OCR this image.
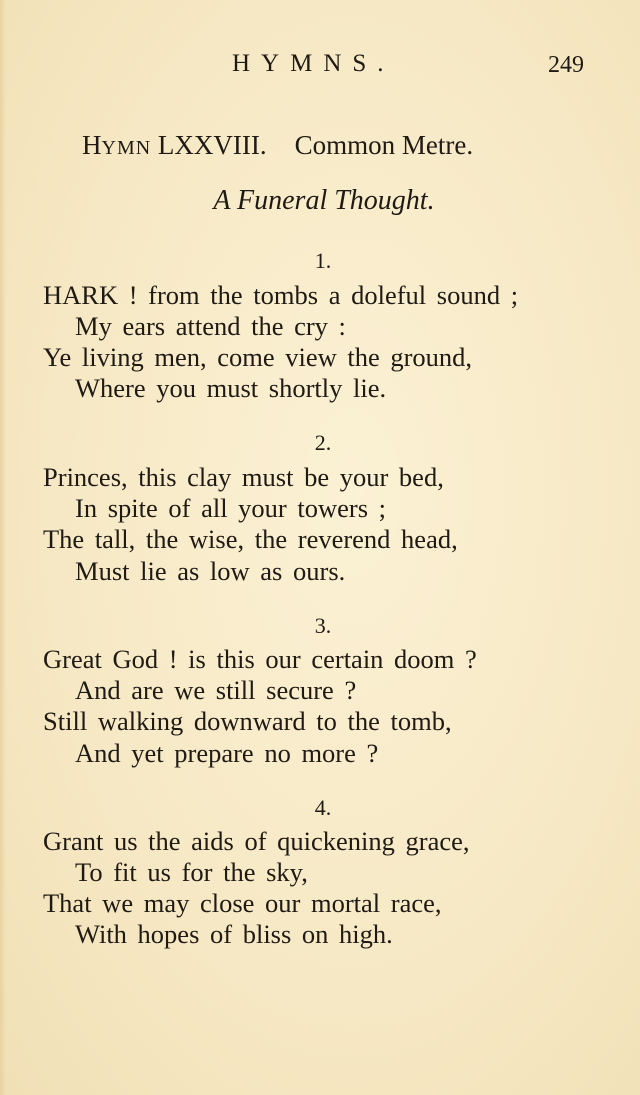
HYMNS.	249
HYMN LXXVIII. Common Metre.
A Funeral Thought.
1.
HARK ! from the tombs a doleful sound ;
My ears attend the cry :
Ye living men, come view the ground,
Where you must shortly lie.
2.
Princes, this clay must be your bed,
In spite of all your towers ;
The tall, the wise, the reverend head,
Must lie as low as ours.
3.
Great God ! is this our certain doom ?
And are we still secure ?
Still walking downward to the tomb,
And yet prepare no more ?
4.
Grant us the aids of quickening grace,
To fit us for the sky,
That we may close our mortal race,
With hopes of bliss on high.
